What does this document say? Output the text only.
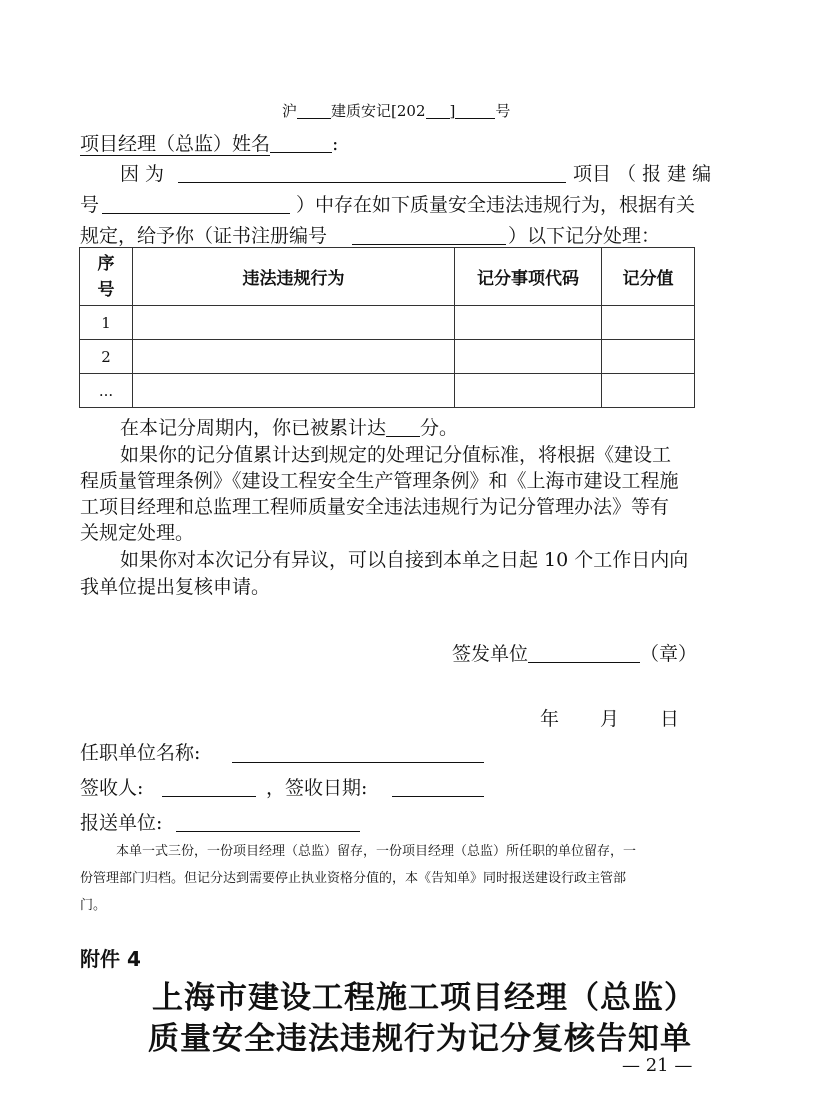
沪 建质安记[202 ]	号
项目经理（总监）姓名	:
因 为	项目 （ 报 建 编
号	）中存在如下质量安全违法违规行为，根据有关
规定，给予你（证书注册编号	）以下记分处理：
序
号	违法违规行为	记分事项代码	记分值
1			
2			
...			
在本记分周期内，你已被累计达 分。
如果你的记分值累计达到规定的处理记分值标准，将根据《建设工
程质量管理条例》《建设工程安全生产管理条例》和《上海市建设工程施
工项目经理和总监理工程师质量安全违法违规行为记分管理办法》等有
关规定处理。
如果你对本次记分有异议，可以自接到本单之日起 10 个工作日内向
我单位提出复核申请。
签发单位	（章）
年 月 日
任职单位名称:
签收人:	，签收日期:
报送单位:
本单一式三份，一份项目经理（总监）留存，一份项目经理（总监）所任职的单位留存，一
份管理部门归档。但记分达到需要停止执业资格分值的，本《告知单》同时报送建设行政主管部
门。
附件 4
上海市建设工程施工项目经理（总监）
质量安全违法违规行为记分复核告知单
— 21 —
